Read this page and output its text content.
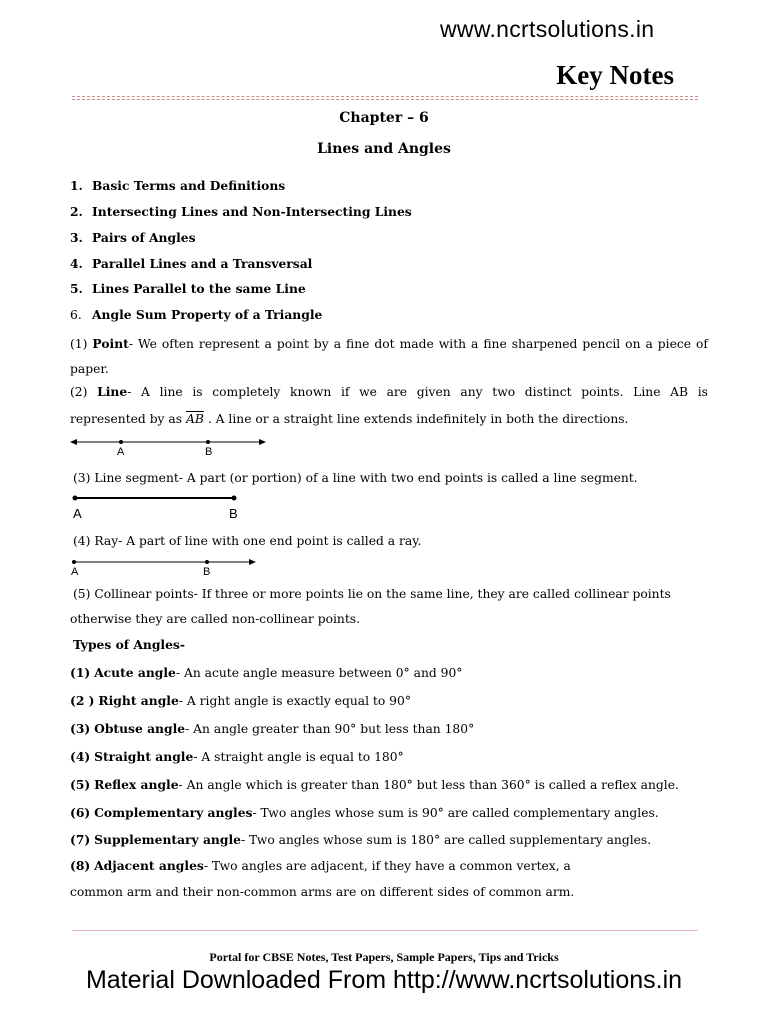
www.ncrtsolutions.in
Key Notes
Chapter – 6
Lines and Angles
1. Basic Terms and Definitions
2. Intersecting Lines and Non-Intersecting Lines
3. Pairs of Angles
4. Parallel Lines and a Transversal
5. Lines Parallel to the same Line
6. Angle Sum Property of a Triangle
(1) Point- We often represent a point by a fine dot made with a fine sharpened pencil on a piece of paper.
(2) Line- A line is completely known if we are given any two distinct points. Line AB is
represented by as $\overline{AB}$ . A line or a straight line extends indefinitely in both the directions.
A	B
(3) Line segment- A part (or portion) of a line with two end points is called a line segment.
A	B
(4) Ray- A part of line with one end point is called a ray.
A	B
(5) Collinear points- If three or more points lie on the same line, they are called collinear points
otherwise they are called non-collinear points.
Types of Angles-
(1) Acute angle- An acute angle measure between 0° and 90°
(2 ) Right angle- A right angle is exactly equal to 90°
(3) Obtuse angle- An angle greater than 90° but less than 180°
(4) Straight angle- A straight angle is equal to 180°
(5) Reflex angle- An angle which is greater than 180° but less than 360° is called a reflex angle.
(6) Complementary angles- Two angles whose sum is 90° are called complementary angles.
(7) Supplementary angle- Two angles whose sum is 180° are called supplementary angles.
(8) Adjacent angles- Two angles are adjacent, if they have a common vertex, a
common arm and their non-common arms are on different sides of common arm.
Portal for CBSE Notes, Test Papers, Sample Papers, Tips and Tricks
Material Downloaded From http://www.ncrtsolutions.in
